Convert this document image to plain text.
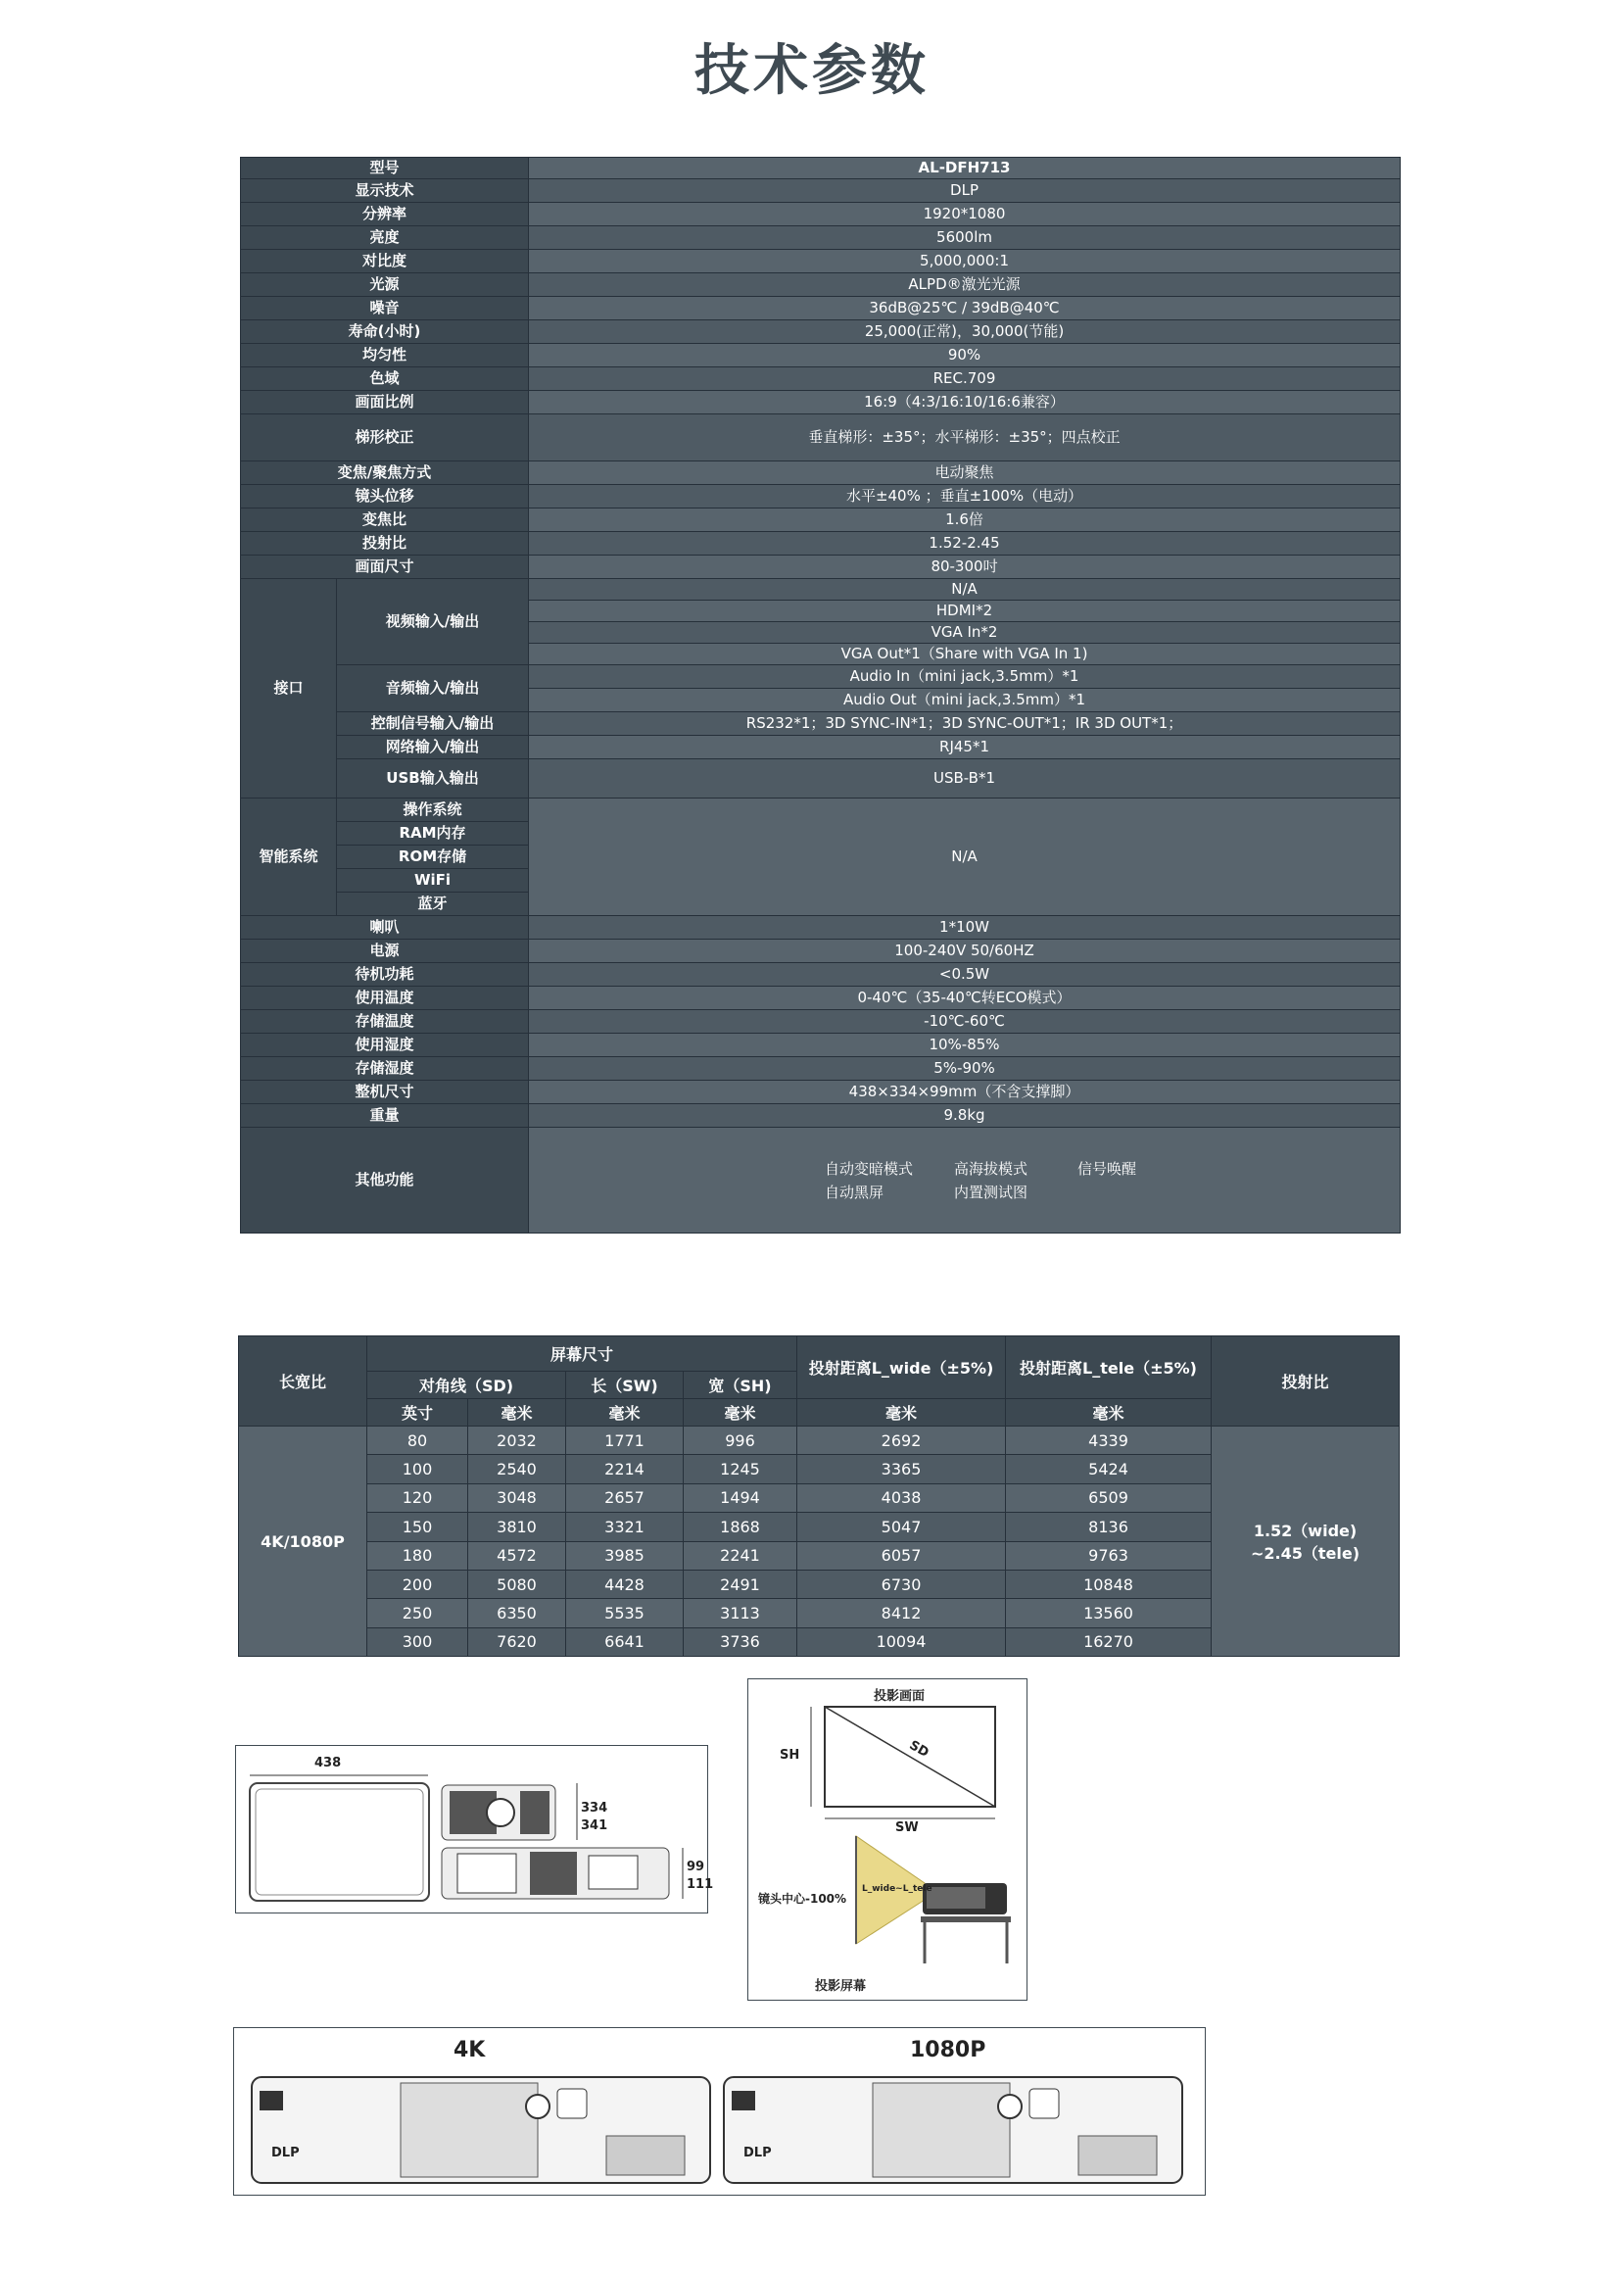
技术参数
型号		AL-DFH713
显示技术		DLP
分辨率		1920*1080
亮度		5600lm
对比度		5,000,000:1
光源		ALPD®激光光源
噪音		36dB@25℃ / 39dB@40℃
寿命(小时)		25,000(正常)，30,000(节能)
均匀性		90%
色域		REC.709
画面比例		16:9（4:3/16:10/16:6兼容）
梯形校正		垂直梯形：±35°；水平梯形：±35°；四点校正
变焦/聚焦方式		电动聚焦
镜头位移		水平±40% ；垂直±100%（电动）
变焦比		1.6倍
投射比		1.52-2.45
画面尺寸		80-300吋
接口	视频输入/输出	N/A
		HDMI*2
		VGA In*2
		VGA Out*1（Share with VGA In 1)
	音频输入/输出	Audio In（mini jack,3.5mm）*1
		Audio Out（mini jack,3.5mm）*1
	控制信号输入/输出	RS232*1；3D SYNC-IN*1；3D SYNC-OUT*1；IR 3D OUT*1；
	网络输入/输出	RJ45*1
	USB输入输出	USB-B*1
智能系统	操作系统	N/A
	RAM内存	
	ROM存储	
	WiFi	
	蓝牙	
喇叭		1*10W
电源		100-240V 50/60HZ
待机功耗		<0.5W
使用温度		0-40℃（35-40℃转ECO模式）
存储温度		-10℃-60℃
使用湿度		10%-85%
存储湿度		5%-90%
整机尺寸		438×334×99mm（不含支撑脚）
重量		9.8kg
其他功能		自动变暗模式 高海拔模式 信号唤醒
自动黑屏 内置测试图
长宽比	屏幕尺寸				投射距离L_wide（±5%)	投射距离L_tele（±5%)	投射比
	对角线（SD)		长（SW)	宽（SH)			
	英寸	毫米	毫米	毫米	毫米	毫米	
4K/1080P	80	2032	1771	996	2692	4339	1.52（wide)
~2.45（tele)

	100	2540	2214	1245	3365	5424	
	120	3048	2657	1494	4038	6509	
	150	3810	3321	1868	5047	8136	
	180	4572	3985	2241	6057	9763	
	200	5080	4428	2491	6730	10848	
	250	6350	5535	3113	8412	13560	
	300	7620	6641	3736	10094	16270	
438
334
341
99
111
投影画面
SH
SW
SD
镜头中心-100%
L_wide~L_tele
投影屏幕
4K	1080P
DLP	DLP
